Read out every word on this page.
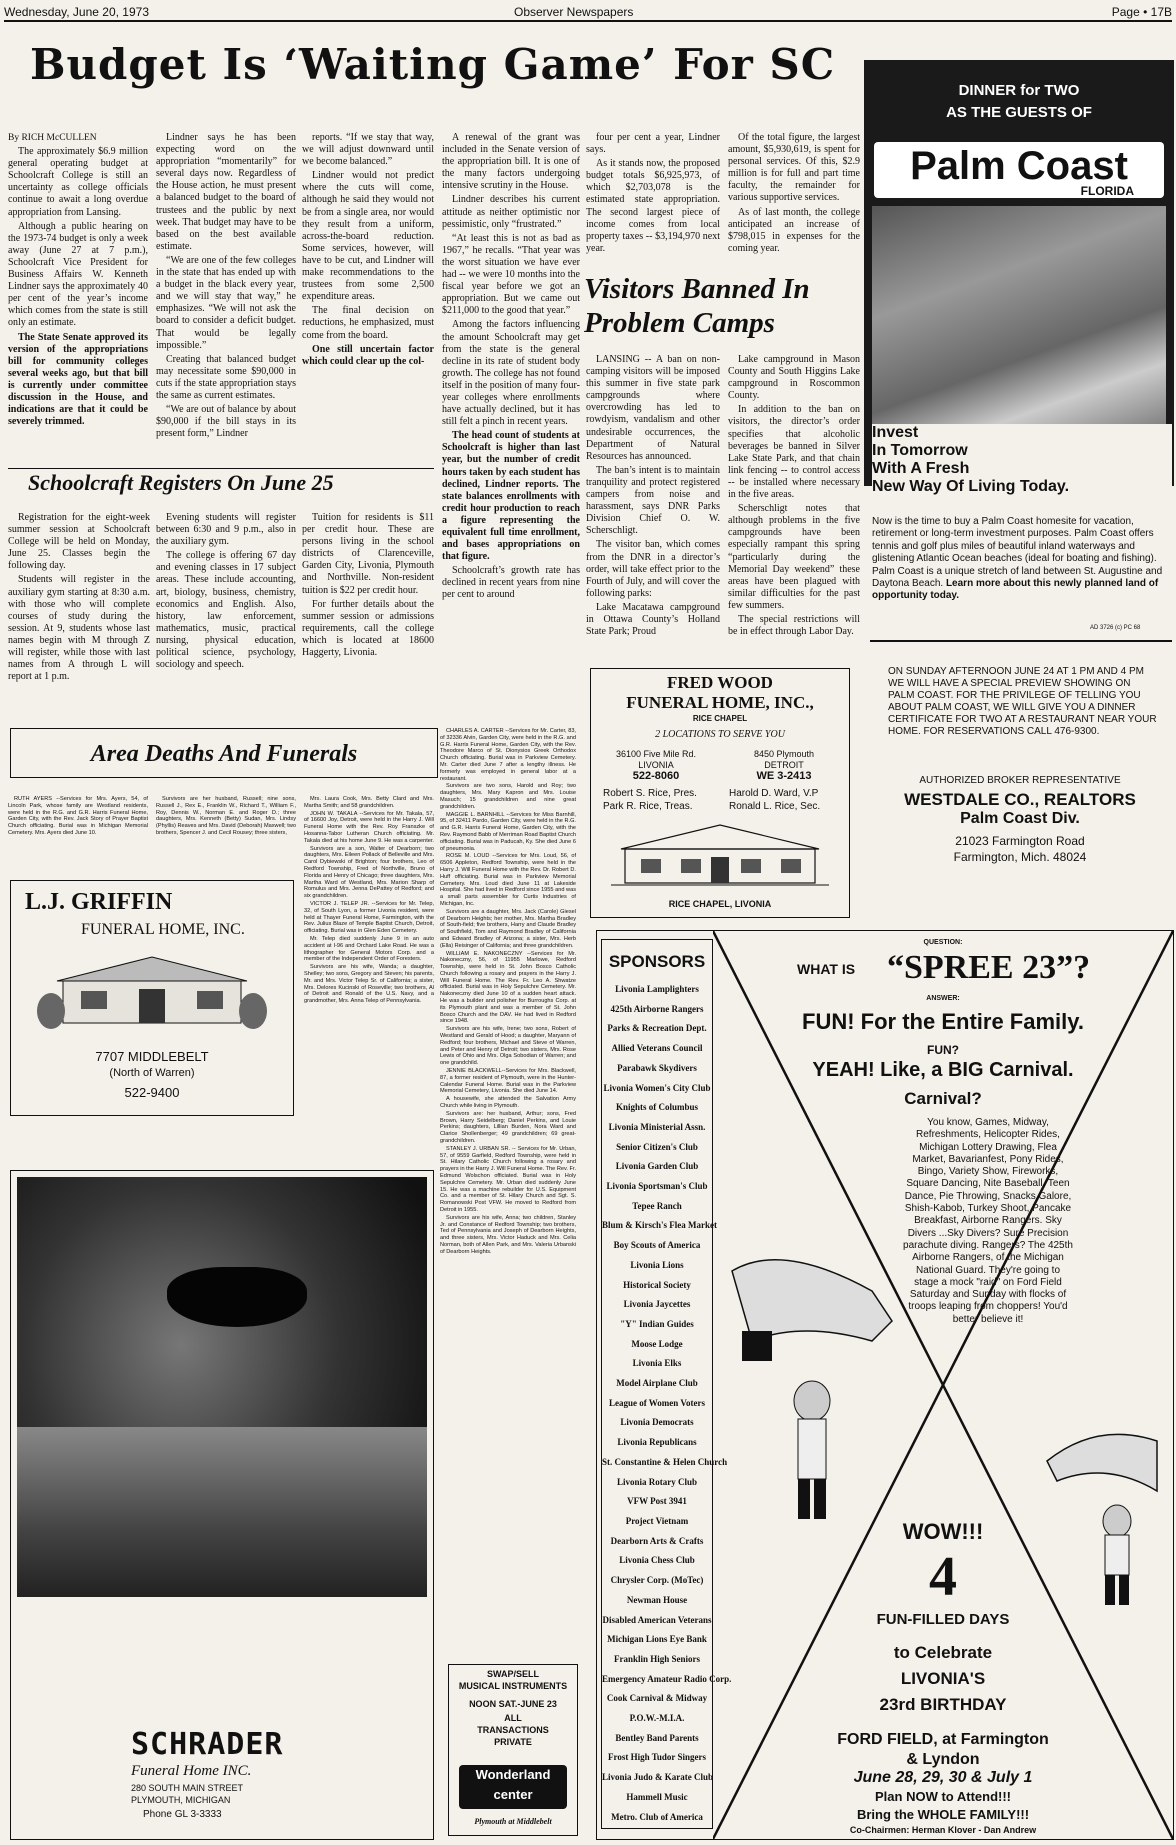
Wednesday, June 20, 1973	Observer Newspapers	Page • 17B
Budget Is ‘Waiting Game’ For SC

By RICH McCULLEN

The approximately $6.9 million general operating budget at Schoolcraft College is still an uncertainty as college officials continue to await a long overdue appropriation from Lansing.

Although a public hearing on the 1973-74 budget is only a week away (June 27 at 7 p.m.), Schoolcraft Vice President for Business Affairs W. Kenneth Lindner says the approximately 40 per cent of the year’s income which comes from the state is still only an estimate.

The State Senate approved its version of the appropriations bill for community colleges several weeks ago, but that bill is currently under committee discussion in the House, and indications are that it could be severely trimmed.

Lindner says he has been expecting word on the appropriation “momentarily” for several days now. Regardless of the House action, he must present a balanced budget to the board of trustees and the public by next week. That budget may have to be based on the best available estimate.

“We are one of the few colleges in the state that has ended up with a budget in the black every year, and we will stay that way,” he emphasizes. “We will not ask the board to consider a deficit budget. That would be legally impossible.”

Creating that balanced budget may necessitate some $90,000 in cuts if the state appropriation stays the same as current estimates.

“We are out of balance by about $90,000 if the bill stays in its present form,” Lindner

reports. “If we stay that way, we will adjust downward until we become balanced.”

Lindner would not predict where the cuts will come, although he said they would not be from a single area, nor would they result from a uniform, across-the-board reduction. Some services, however, will have to be cut, and Lindner will make recommendations to the trustees from some 2,500 expenditure areas.

The final decision on reductions, he emphasized, must come from the board.

One still uncertain factor which could clear up the col-

A renewal of the grant was included in the Senate version of the appropriation bill. It is one of the many factors undergoing intensive scrutiny in the House.

Lindner describes his current attitude as neither optimistic nor pessimistic, only “frustrated.”

“At least this is not as bad as 1967,” he recalls. “That year was the worst situation we have ever had -- we were 10 months into the fiscal year before we got an appropriation. But we came out $211,000 to the good that year.”

Among the factors influencing the amount Schoolcraft may get from the state is the general decline in its rate of student body growth. The college has not found itself in the position of many four-year colleges where enrollments have actually declined, but it has still felt a pinch in recent years.

The head count of students at Schoolcraft is higher than last year, but the number of credit hours taken by each student has declined, Lindner reports. The state balances enrollments with credit hour production to reach a figure representing the equivalent full time enrollment, and bases appropriations on that figure.

Schoolcraft’s growth rate has declined in recent years from nine per cent to around

four per cent a year, Lindner says.

As it stands now, the proposed budget totals $6,925,973, of which $2,703,078 is the estimated state appropriation. The second largest piece of income comes from local property taxes -- $3,194,970 next year.

Of the total figure, the largest amount, $5,930,619, is spent for personal services. Of this, $2.9 million is for full and part time faculty, the remainder for various supportive services.

As of last month, the college anticipated an increase of $798,015 in expenses for the coming year.

Schoolcraft Registers On June 25

Registration for the eight-week summer session at Schoolcraft College will be held on Monday, June 25. Classes begin the following day.

Students will register in the auxiliary gym starting at 8:30 a.m. with those who will complete courses of study during the session. At 9, students whose last names begin with M through Z will register, while those with last names from A through L will report at 1 p.m.

Evening students will register between 6:30 and 9 p.m., also in the auxiliary gym.

The college is offering 67 day and evening classes in 17 subject areas. These include accounting, art, biology, business, chemistry, economics and English. Also, history, law enforcement, mathematics, music, practical nursing, physical education, political science, psychology, sociology and speech.

Tuition for residents is $11 per credit hour. These are persons living in the school districts of Clarenceville, Garden City, Livonia, Plymouth and Northville. Non-resident tuition is $22 per credit hour.

For further details about the summer session or admissions requirements, call the college which is located at 18600 Haggerty, Livonia.

Visitors Banned In Problem Camps

LANSING -- A ban on non-camping visitors will be imposed this summer in five state park campgrounds where overcrowding has led to rowdyism, vandalism and other undesirable occurrences, the Department of Natural Resources has announced.

The ban’s intent is to maintain tranquility and protect registered campers from noise and harassment, says DNR Parks Division Chief O. W. Scherschligt.

The visitor ban, which comes from the DNR in a director’s order, will take effect prior to the Fourth of July, and will cover the following parks:

Lake Macatawa campground in Ottawa County’s Holland State Park; Proud

Lake campground in Mason County and South Higgins Lake campground in Roscommon County.

In addition to the ban on visitors, the director’s order specifies that alcoholic beverages be banned in Silver Lake State Park, and that chain link fencing -- to control access -- be installed where necessary in the five areas.

Scherschligt notes that although problems in the five campgrounds have been especially rampant this spring “particularly during the Memorial Day weekend” these areas have been plagued with similar difficulties for the past few summers.

The special restrictions will be in effect through Labor Day.

DINNER for TWO
AS THE GUESTS OF
Palm Coast
FLORIDA
Invest
In Tomorrow
With A Fresh
New Way Of Living Today.
Now is the time to buy a Palm Coast homesite for vacation, retirement or long-term investment purposes. Palm Coast offers tennis and golf plus miles of beautiful inland waterways and glistening Atlantic Ocean beaches (ideal for boating and fishing). Palm Coast is a unique stretch of land between St. Augustine and Daytona Beach. Learn more about this newly planned land of opportunity today.
AD 3726 (c) PC 68
ON SUNDAY AFTERNOON JUNE 24 AT 1 PM AND 4 PM WE WILL HAVE A SPECIAL PREVIEW SHOWING ON PALM COAST. FOR THE PRIVILEGE OF TELLING YOU ABOUT PALM COAST, WE WILL GIVE YOU A DINNER CERTIFICATE FOR TWO AT A RESTAURANT NEAR YOUR HOME. FOR RESERVATIONS CALL 476-9300.
AUTHORIZED BROKER REPRESENTATIVE
WESTDALE CO., REALTORS
Palm Coast Div.
21023 Farmington Road
Farmington, Mich. 48024
FRED WOOD
FUNERAL HOME, INC.,
RICE CHAPEL
2 LOCATIONS TO SERVE YOU
36100 Five Mile Rd.
LIVONIA
522-8060
8450 Plymouth
DETROIT
WE 3-2413
Robert S. Rice, Pres.
Park R. Rice, Treas.
Harold D. Ward, V.P
Ronald L. Rice, Sec.
RICE CHAPEL, LIVONIA
Area Deaths And Funerals

RUTH AYERS --Services for Mrs. Ayers, 54, of Lincoln Park, whose family are Westland residents, were held in the R.G. and G.R. Harris Funeral Home, Garden City, with the Rev. Jack Story of Prayer Baptist Church officiating. Burial was in Michigan Memorial Cemetery. Mrs. Ayers died June 10.

Survivors are her husband, Russell; nine sons, Russell J., Rex E., Franklin W., Richard T., William F., Roy, Dennis W., Norman E. and Roger D.; three daughters, Mrs. Kenneth (Betty) Sudan, Mrs. Lindsy (Phyllis) Reaves and Mrs. David (Deborah) Maxwell; two brothers, Spencer J. and Cecil Rousey; three sisters,

Mrs. Laura Cook, Mrs. Betty Clard and Mrs. Martha Smith; and 58 grandchildren.

JOHN W. TAKALA --Services for Mr. Takala, 57, of 16600 Joy, Detroit, were held in the Harry J. Will Funeral Home with the Rev. Roy Franszke of Hosanna-Tabor Lutheran Church officiating. Mr. Takala died at his home June 9. He was a carpenter.

Survivors are a son, Walter of Dearborn; two daughters, Mrs. Eileen Pollack of Belleville and Mrs. Carol Dybiewski of Brighton; four brothers, Leo of Redford Township, Fred of Northville, Bruno of Florida and Henry of Chicago; three daughters, Mrs. Martha Ward of Westland, Mrs. Marion Sharp of Romulus and Mrs. Jenna DePattey of Redford; and six grandchildren.

VICTOR J. TELEP JR. --Services for Mr. Telep, 32, of South Lyon, a former Livonia resident, were held at Thayer Funeral Home, Farmington, with the Rev. Julius Blaze of Temple Baptist Church, Detroit, officiating. Burial was in Glen Eden Cemetery.

Mr. Telep died suddenly June 9 in an auto accident at I-96 and Orchard Lake Road. He was a lithographer for General Motors Corp. and a member of the Independent Order of Foresters.

Survivors are his wife, Wanda; a daughter, Shelley; two sons, Gregory and Steven; his parents, Mr. and Mrs. Victor Telep Sr. of California; a sister, Mrs. Delores Kucinski of Roseville; two brothers, Al of Detroit and Ronald of the U.S. Navy, and a grandmother, Mrs. Anna Telep of Pennsylvania.

CHARLES A. CARTER --Services for Mr. Carter, 83, of 32336 Alvin, Garden City, were held in the R.G. and G.R. Harris Funeral Home, Garden City, with the Rev. Theodore Marco of St. Dionysios Greek Orthodox Church officiating. Burial was in Parkview Cemetery. Mr. Carter died June 7 after a lengthy illness. He formerly was employed in general labor at a restaurant.

Survivors are two sons, Harold and Roy; two daughters, Mrs. Mary Kapron and Mrs. Louise Masuch; 15 grandchildren and nine great grandchildren.

MAGGIE L. BARNHILL --Services for Miss Barnhill, 95, of 32411 Pardo, Garden City, were held in the R.G. and G.R. Harris Funeral Home, Garden City, with the Rev. Raymond Babb of Merriman Road Baptist Church officiating. Burial was in Paducah, Ky. She died June 6 of pneumonia.

ROSE M. LOUD --Services for Mrs. Loud, 56, of 6506 Appleton, Redford Township, were held in the Harry J. Will Funeral Home with the Rev. Dr. Robert D. Huff officiating. Burial was in Parkview Memorial Cemetery. Mrs. Loud died June 11 at Lakeside Hospital. She had lived in Redford since 1955 and was a small parts assembler for Curtis Industries of Michigan, Inc.

Survivors are a daughter, Mrs. Jack (Carole) Giesel of Dearborn Heights; her mother, Mrs. Martha Bradley of South-field; five brothers, Harry and Claude Bradley of Southfield, Tom and Raymond Bradley of California and Edward Bradley of Arizona; a sister, Mrs. Herb (Ella) Reisinger of California; and three grandchildren.

WILLIAM E. NAKONECZNY --Services for Mr. Nakoneczny, 56, of 11955 Marlowe, Redford Township, were held in St. John Bosco Catholic Church following a rosary and prayers in the Harry J. Will Funeral Home. The Rev. Fr. Leo A. Shwatze officiated. Burial was in Holy Sepulchre Cemetery. Mr. Nakoneczny died June 10 of a sudden heart attack. He was a builder and polisher for Burroughs Corp. at its Plymouth plant and was a member of St. John Bosco Church and the DAV. He had lived in Redford since 1948.

Survivors are his wife, Irene; two sons, Robert of Westland and Gerald of Hood; a daughter, Maryann of Redford; four brothers, Michael and Steve of Warren, and Peter and Henry of Detroit; two sisters, Mrs. Rose Lewis of Ohio and Mrs. Olga Sobodian of Warren; and one grandchild.

JENNIE BLACKWELL--Services for Mrs. Blackwell, 87, a former resident of Plymouth, were in the Hunter-Calendar Funeral Home. Burial was in the Parkview Memorial Cemetery, Livonia. She died June 14.

A housewife, she attended the Salvation Army Church while living in Plymouth.

Survivors are: her husband, Arthur; sons, Fred Brown, Harry Seidelberg; Daniel Perkins, and Louie Perkins; daughters, Lillian Burden, Nora Ward and Clarice Shollenberger; 49 grandchildren; 69 great-grandchildren.

STANLEY J. URBAN SR. -- Services for Mr. Urban, 57, of 9559 Garfield, Redford Township, were held in St. Hilary Catholic Church following a rosary and prayers in the Harry J. Will Funeral Home. The Rev. Fr. Edmund Wolschon officiated. Burial was in Holy Sepulchre Cemetery. Mr. Urban died suddenly June 15. He was a machine rebuilder for U.S. Equipment Co. and a member of St. Hilary Church and Sgt. S. Romanowski Post VFW. He moved to Redford from Detroit in 1955.

Survivors are his wife, Anna; two children, Stanley Jr. and Constance of Redford Township; two brothers, Ted of Pennsylvania and Joseph of Dearborn Heights, and three sisters, Mrs. Victor Haduck and Mrs. Celia Norman, both of Allen Park, and Mrs. Valeria Urbanski of Dearborn Heights.

L.J. GRIFFIN
FUNERAL HOME, INC.
7707 MIDDLEBELT
(North of Warren)
522-9400
SCHRADER
Funeral Home INC.
280 SOUTH MAIN STREET
PLYMOUTH, MICHIGAN
Phone GL 3-3333
SWAP/SELL
MUSICAL INSTRUMENTS
NOON SAT.-JUNE 23
ALL
TRANSACTIONS
PRIVATE
Wonderland
center
Plymouth at Middlebelt
SPONSORS
Livonia Lamplighters
425th Airborne Rangers
Parks & Recreation Dept.
Allied Veterans Council
Parabawk Skydivers
Livonia Women's City Club
Knights of Columbus
Livonia Ministerial Assn.
Senior Citizen's Club
Livonia Garden Club
Livonia Sportsman's Club
Tepee Ranch
Blum & Kirsch's Flea Market
Boy Scouts of America
Livonia Lions
Historical Society
Livonia Jaycettes
"Y" Indian Guides
Moose Lodge
Livonia Elks
Model Airplane Club
League of Women Voters
Livonia Democrats
Livonia Republicans
St. Constantine & Helen Church
Livonia Rotary Club
VFW Post 3941
Project Vietnam
Dearborn Arts & Crafts
Livonia Chess Club
Chrysler Corp. (MoTec)
Newman House
Disabled American Veterans
Michigan Lions Eye Bank
Franklin High Seniors
Emergency Amateur Radio Corp.
Cook Carnival & Midway
P.O.W.-M.I.A.
Bentley Band Parents
Frost High Tudor Singers
Livonia Judo & Karate Club
Hammell Music
Metro. Club of America
QUESTION:
WHAT IS “SPREE 23”?
ANSWER:
FUN! For the Entire Family.
FUN?
YEAH! Like, a BIG Carnival.
Carnival?
You know, Games, Midway, Refreshments, Helicopter Rides, Michigan Lottery Drawing, Flea Market, Bavarianfest, Pony Rides, Bingo, Variety Show, Fireworks, Square Dancing, Nite Baseball, Teen Dance, Pie Throwing, Snacks Galore, Shish-Kabob, Turkey Shoot, Pancake Breakfast, Airborne Rangers. Sky Divers ...Sky Divers? Sure Precision parachute diving. Rangers? The 425th Airborne Rangers, of the Michigan National Guard. They're going to stage a mock "raid" on Ford Field Saturday and Sunday with flocks of troops leaping from choppers! You'd better believe it!
WOW!!!
4
FUN-FILLED DAYS
to Celebrate
LIVONIA'S
23rd BIRTHDAY
FORD FIELD, at Farmington
& Lyndon
June 28, 29, 30 & July 1
Plan NOW to Attend!!!
Bring the WHOLE FAMILY!!!
Co-Chairmen: Herman Klover - Dan Andrew
